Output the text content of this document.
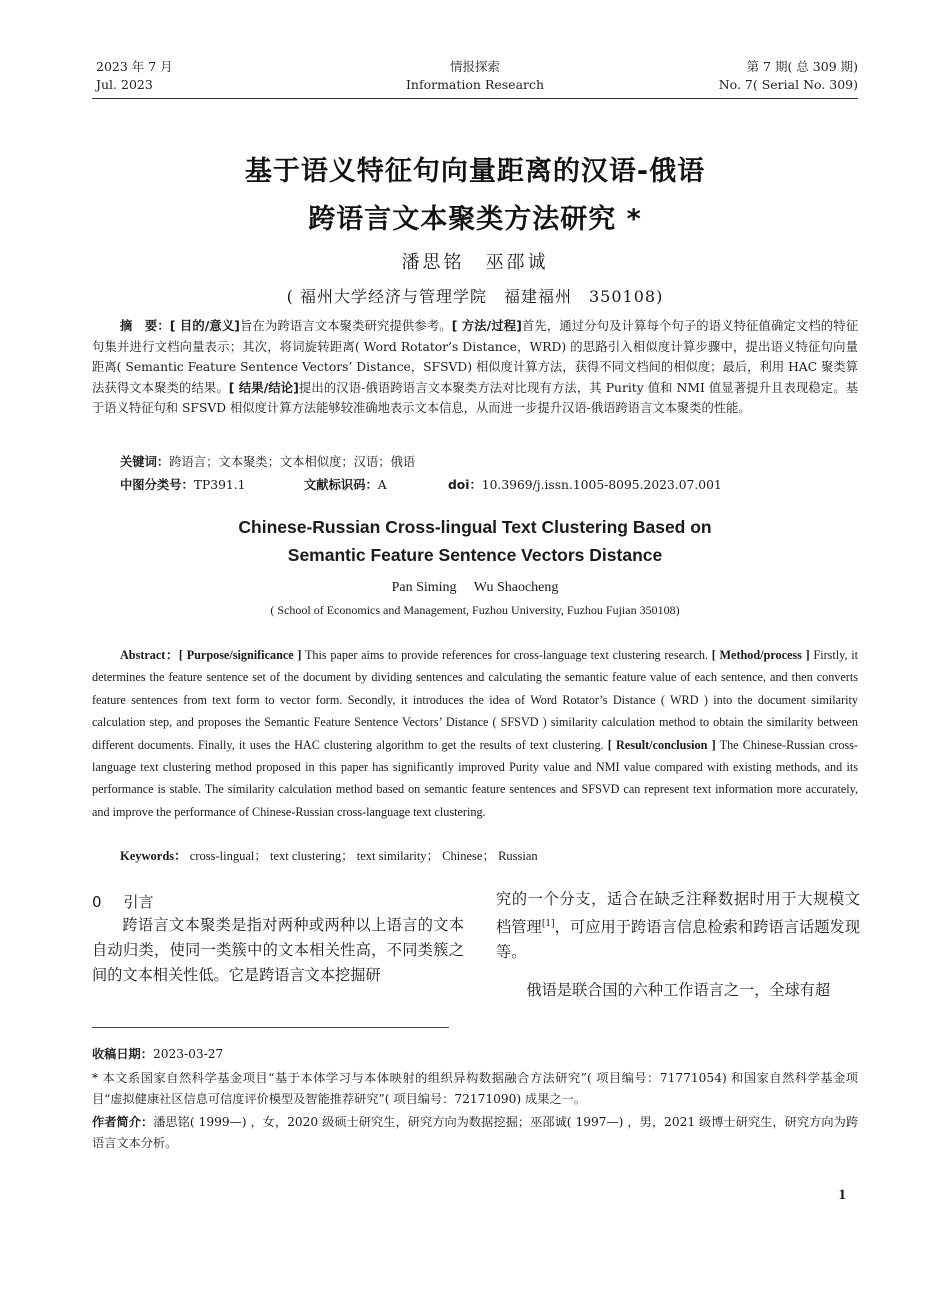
2023 年 7 月
Jul. 2023
情报探索
Information Research
第 7 期( 总 309 期)
No. 7( Serial No. 309)
基于语义特征句向量距离的汉语-俄语
跨语言文本聚类方法研究 *
潘思铭　巫邵诚
( 福州大学经济与管理学院　福建福州　350108)
摘　要：[ 目的/意义]旨在为跨语言文本聚类研究提供参考。[ 方法/过程]首先，通过分句及计算每个句子的语义特征值确定文档的特征句集并进行文档向量表示；其次，将词旋转距离( Word Rotator’s Distance，WRD) 的思路引入相似度计算步骤中，提出语义特征句向量距离( Semantic Feature Sentence Vectors’ Distance，SFSVD) 相似度计算方法，获得不同文档间的相似度；最后，利用 HAC 聚类算法获得文本聚类的结果。[ 结果/结论]提出的汉语-俄语跨语言文本聚类方法对比现有方法，其 Purity 值和 NMI 值显著提升且表现稳定。基于语义特征句和 SFSVD 相似度计算方法能够较准确地表示文本信息，从而进一步提升汉语-俄语跨语言文本聚类的性能。
关键词：跨语言；文本聚类；文本相似度；汉语；俄语
中图分类号：TP391.1	文献标识码：A	doi：10.3969/j.issn.1005-8095.2023.07.001
Chinese-Russian Cross-lingual Text Clustering Based on
Semantic Feature Sentence Vectors Distance
Pan Siming　 Wu Shaocheng
( School of Economics and Management, Fuzhou University, Fuzhou Fujian 350108)
Abstract：[ Purpose/significance ] This paper aims to provide references for cross-language text clustering research. [ Method/process ] Firstly, it determines the feature sentence set of the document by dividing sentences and calculating the semantic feature value of each sentence, and then converts feature sentences from text form to vector form. Secondly, it introduces the idea of Word Rotator’s Distance ( WRD ) into the document similarity calculation step, and proposes the Semantic Feature Sentence Vectors’ Distance ( SFSVD ) similarity calculation method to obtain the similarity between different documents. Finally, it uses the HAC clustering algorithm to get the results of text clustering. [ Result/conclusion ] The Chinese-Russian cross-language text clustering method proposed in this paper has significantly improved Purity value and NMI value compared with existing methods, and its performance is stable. The similarity calculation method based on semantic feature sentences and SFSVD can represent text information more accurately, and improve the performance of Chinese-Russian cross-language text clustering.
Keywords： cross-lingual； text clustering； text similarity； Chinese； Russian
0 引言
跨语言文本聚类是指对两种或两种以上语言的文本自动归类，使同一类簇中的文本相关性高，不同类簇之间的文本相关性低。它是跨语言文本挖掘研
究的一个分支，适合在缺乏注释数据时用于大规模文档管理[1]，可应用于跨语言信息检索和跨语言话题发现等。
俄语是联合国的六种工作语言之一，全球有超
收稿日期：2023-03-27
* 本文系国家自然科学基金项目“基于本体学习与本体映射的组织异构数据融合方法研究”( 项目编号：71771054) 和国家自然科学基金项目“虚拟健康社区信息可信度评价模型及智能推荐研究”( 项目编号：72171090) 成果之一。
作者简介：潘思铭( 1999—) ，女，2020 级硕士研究生，研究方向为数据挖掘；巫邵诚( 1997—) ，男，2021 级博士研究生，研究方向为跨语言文本分析。
1
